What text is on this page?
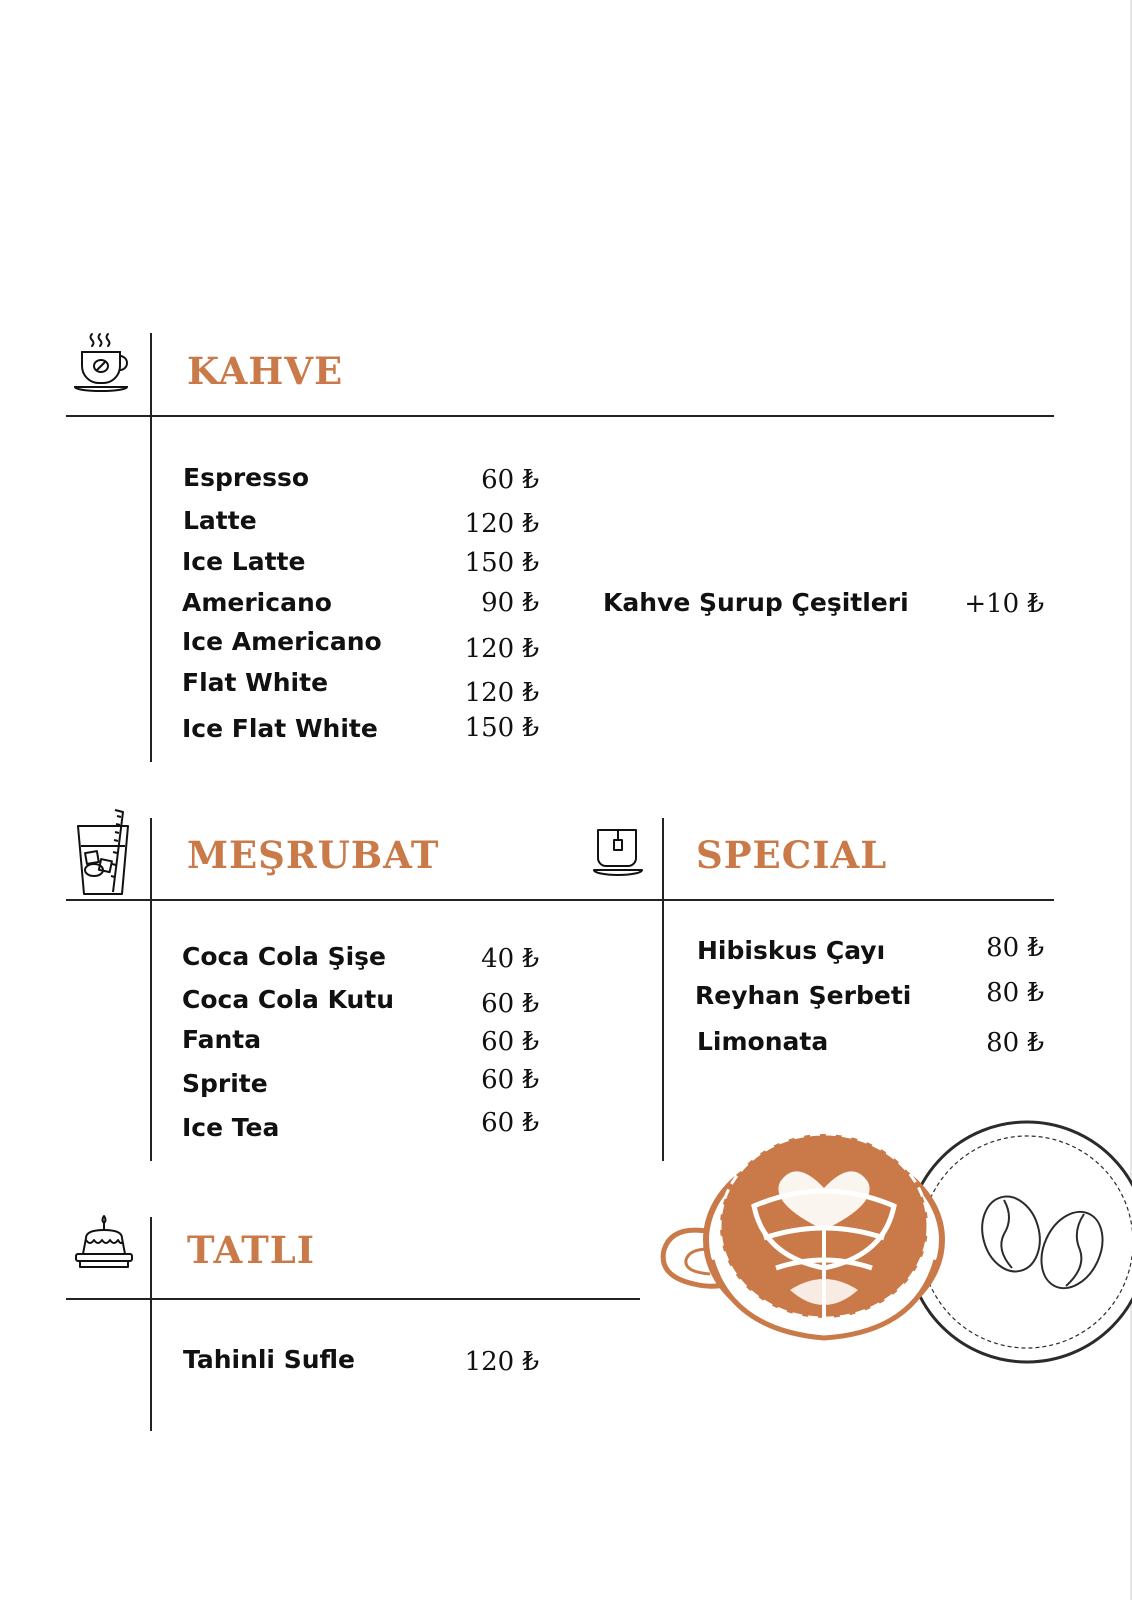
KAHVE
Espresso	60 ₺
Latte	120 ₺
Ice Latte	150 ₺
Americano	90 ₺
Ice Americano	120 ₺
Flat White	120 ₺
Ice Flat White	150 ₺
Kahve Şurup Çeşitleri +10 ₺
MEŞRUBAT
Coca Cola Şişe	40 ₺
Coca Cola Kutu	60 ₺
Fanta	60 ₺
Sprite	60 ₺
Ice Tea	60 ₺
SPECIAL
Hibiskus Çayı	80 ₺
Reyhan Şerbeti	80 ₺
Limonata	80 ₺
TATLI
Tahinli Sufle	120 ₺
